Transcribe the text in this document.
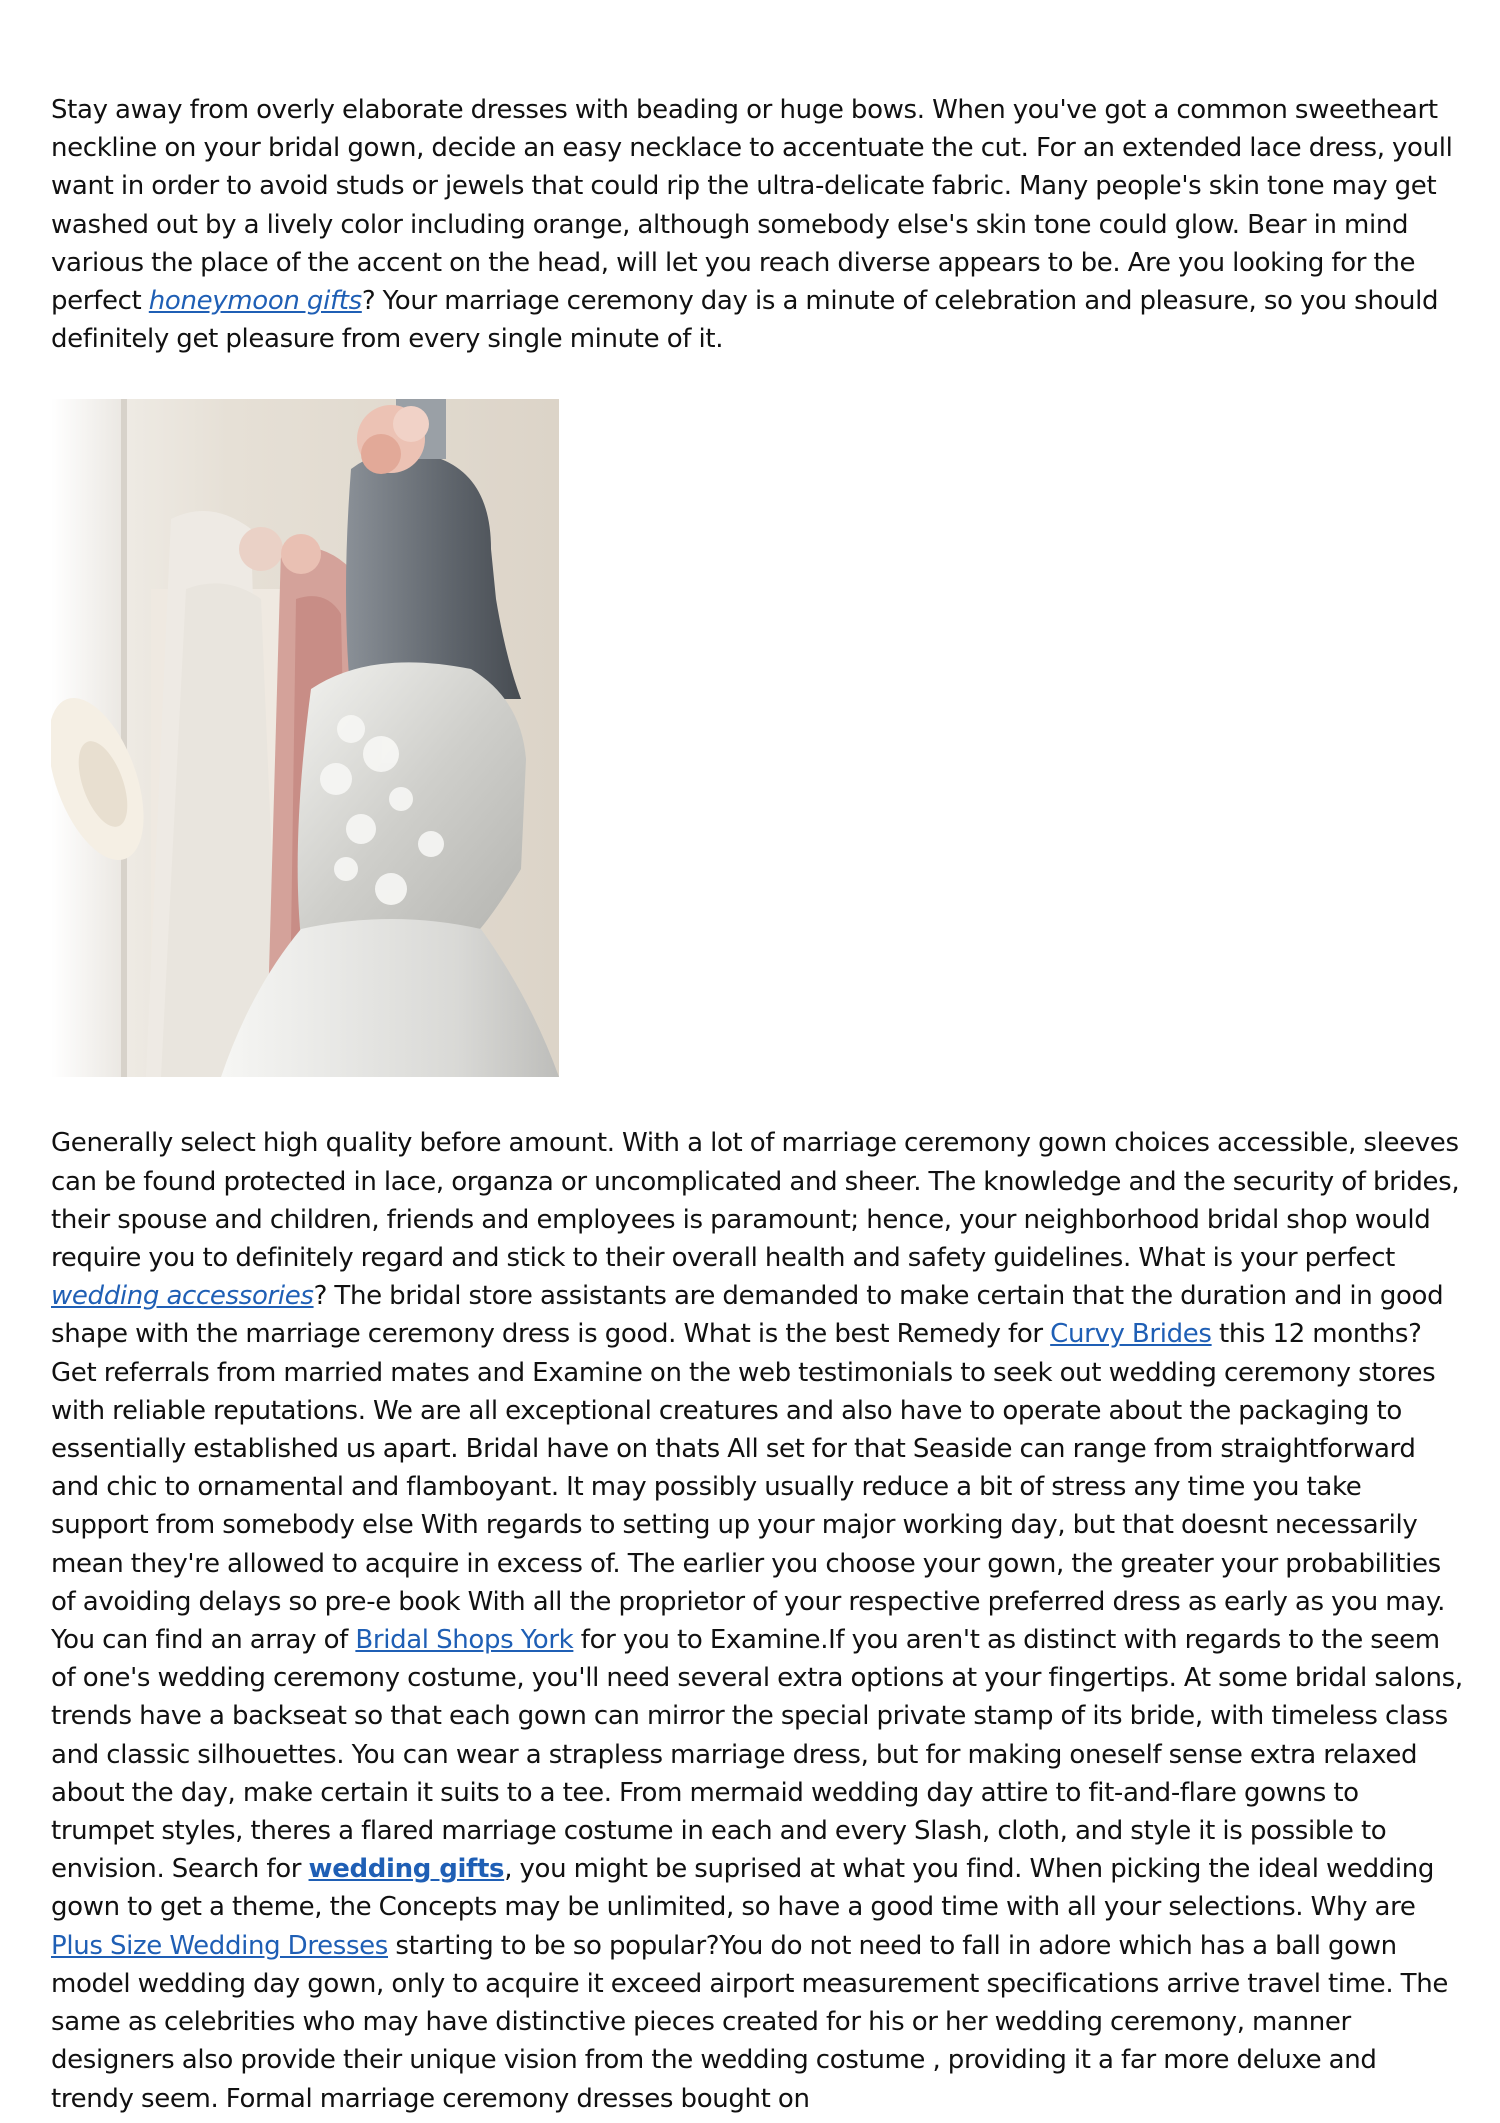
Stay away from overly elaborate dresses with beading or huge bows. When you've got a common sweetheart neckline on your bridal gown, decide an easy necklace to accentuate the cut. For an extended lace dress, youll want in order to avoid studs or jewels that could rip the ultra-delicate fabric. Many people's skin tone may get washed out by a lively color including orange, although somebody else's skin tone could glow. Bear in mind various the place of the accent on the head, will let you reach diverse appears to be. Are you looking for the perfect honeymoon gifts? Your marriage ceremony day is a minute of celebration and pleasure, so you should definitely get pleasure from every single minute of it.

Generally select high quality before amount. With a lot of marriage ceremony gown choices accessible, sleeves can be found protected in lace, organza or uncomplicated and sheer. The knowledge and the security of brides, their spouse and children, friends and employees is paramount; hence, your neighborhood bridal shop would require you to definitely regard and stick to their overall health and safety guidelines. What is your perfect wedding accessories? The bridal store assistants are demanded to make certain that the duration and in good shape with the marriage ceremony dress is good. What is the best Remedy for Curvy Brides this 12 months?Get referrals from married mates and Examine on the web testimonials to seek out wedding ceremony stores with reliable reputations. We are all exceptional creatures and also have to operate about the packaging to essentially established us apart. Bridal have on thats All set for that Seaside can range from straightforward and chic to ornamental and flamboyant. It may possibly usually reduce a bit of stress any time you take support from somebody else With regards to setting up your major working day, but that doesnt necessarily mean they're allowed to acquire in excess of. The earlier you choose your gown, the greater your probabilities of avoiding delays so pre-e book With all the proprietor of your respective preferred dress as early as you may. You can find an array of Bridal Shops York for you to Examine.If you aren't as distinct with regards to the seem of one's wedding ceremony costume, you'll need several extra options at your fingertips. At some bridal salons, trends have a backseat so that each gown can mirror the special private stamp of its bride, with timeless class and classic silhouettes. You can wear a strapless marriage dress, but for making oneself sense extra relaxed about the day, make certain it suits to a tee. From mermaid wedding day attire to fit-and-flare gowns to trumpet styles, theres a flared marriage costume in each and every Slash, cloth, and style it is possible to envision. Search for wedding gifts, you might be suprised at what you find. When picking the ideal wedding gown to get a theme, the Concepts may be unlimited, so have a good time with all your selections. Why are Plus Size Wedding Dresses starting to be so popular?You do not need to fall in adore which has a ball gown model wedding day gown, only to acquire it exceed airport measurement specifications arrive travel time. The same as celebrities who may have distinctive pieces created for his or her wedding ceremony, manner designers also provide their unique vision from the wedding costume , providing it a far more deluxe and trendy seem. Formal marriage ceremony dresses bought on
